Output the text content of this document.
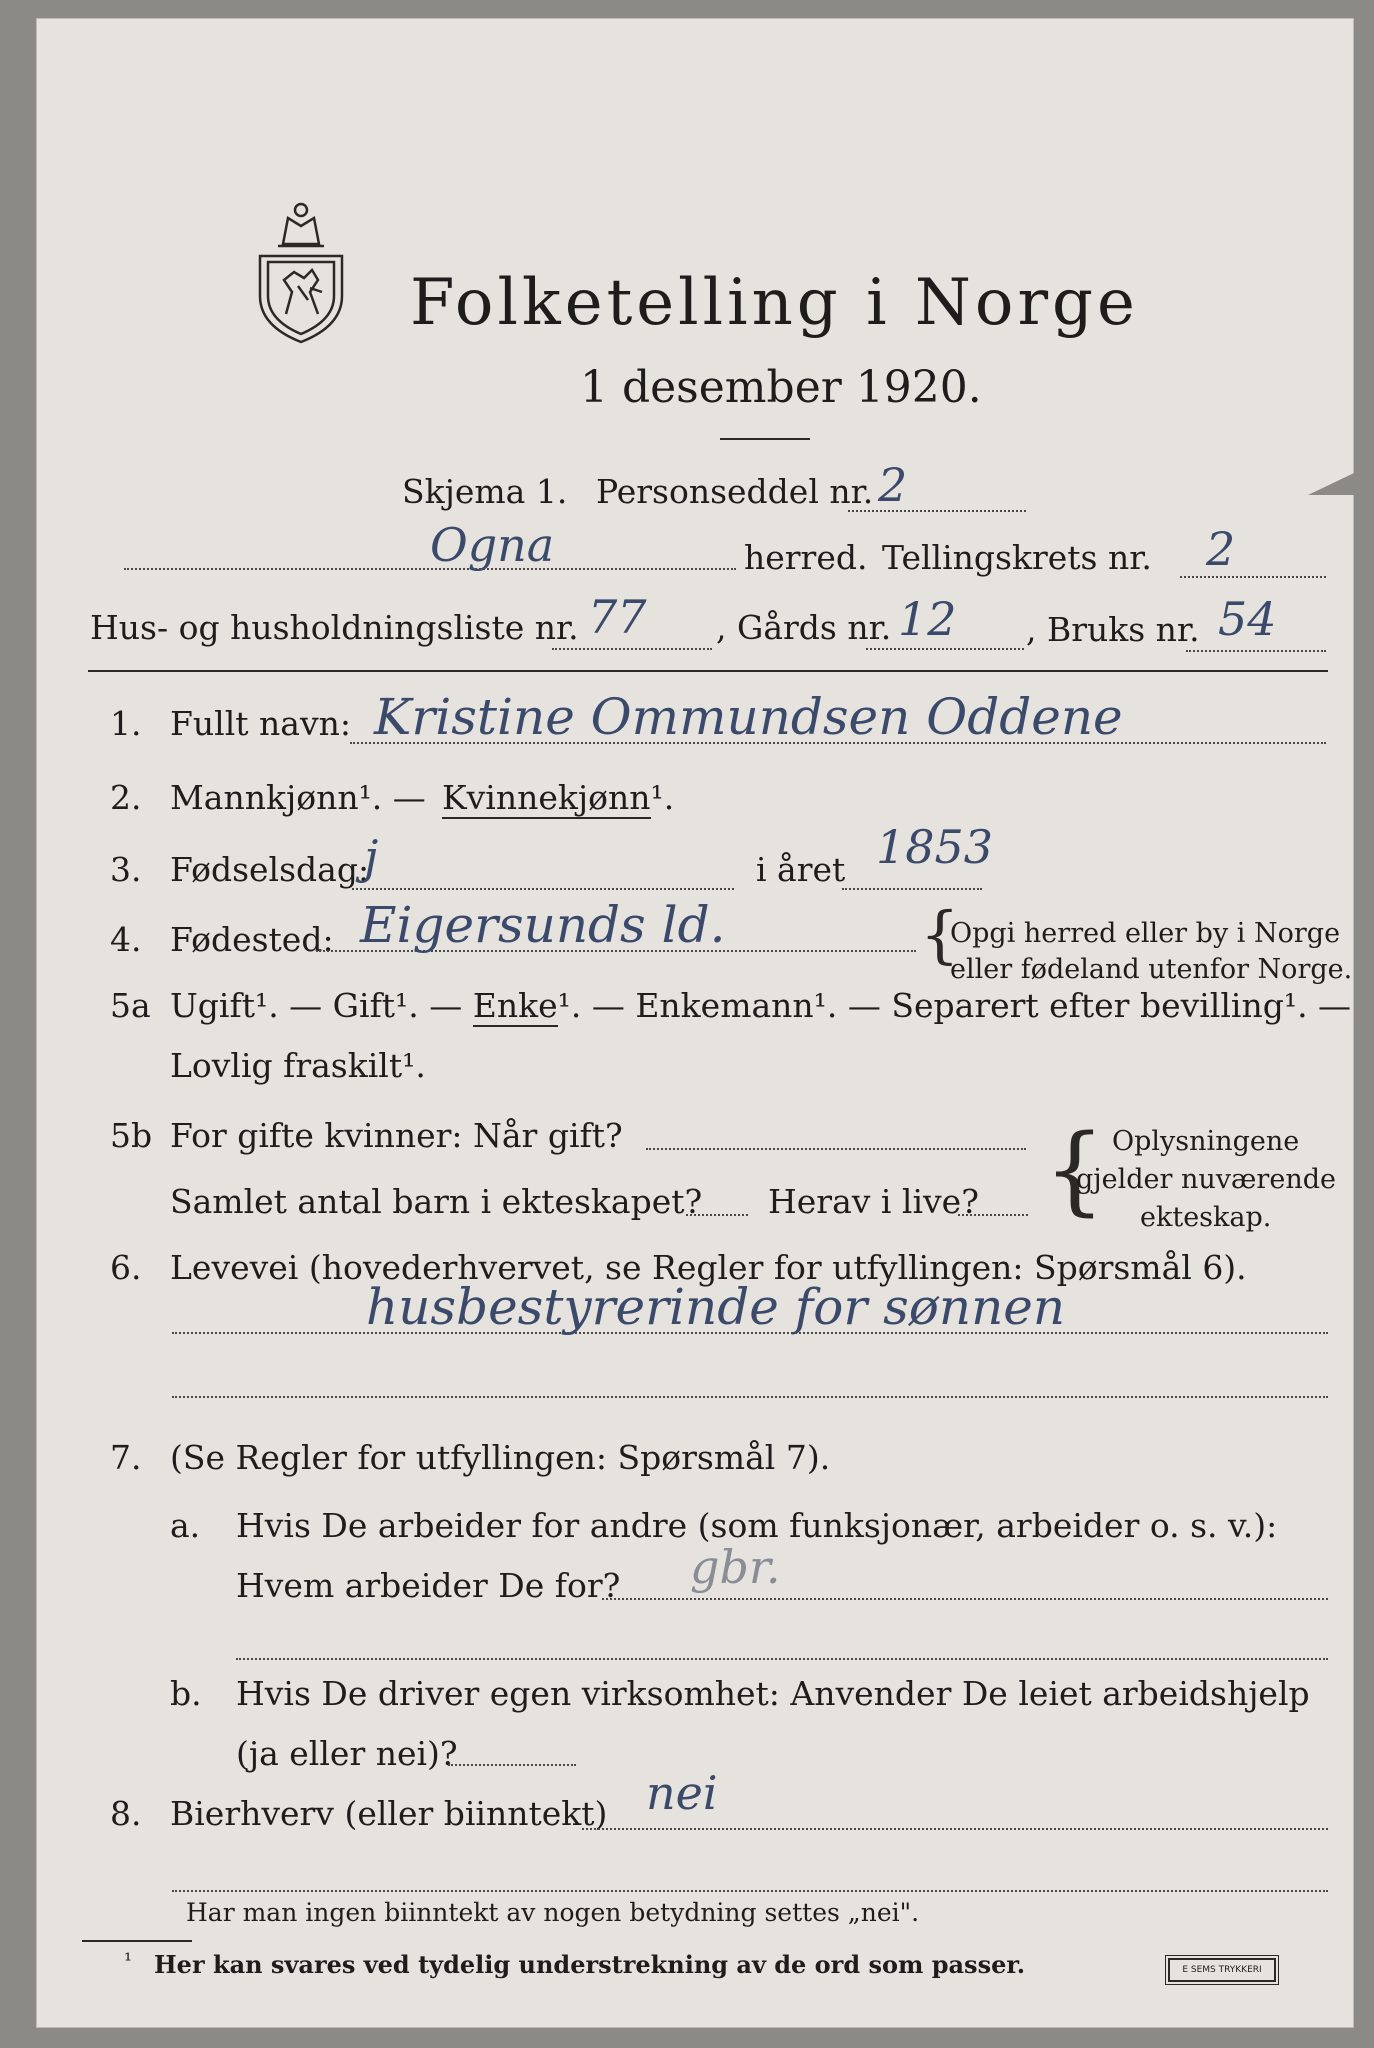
Folketelling i Norge
1 desember 1920.
Skjema 1. Personseddel nr. 2
Ogna	herred. Tellingskrets nr. 2
Hus- og husholdningsliste nr. 77 , Gårds nr. 12 , Bruks nr. 54
1. Fullt navn: Kristine Ommundsen Oddene
2. Mannkjønn¹. — Kvinnekjønn¹.
3. Fødselsdag:
j	i året 1853
4. Fødested: Eigersunds ld.	{
Opgi herred eller by i Norge
eller fødeland utenfor Norge.
5a Ugift¹. — Gift¹. — Enke¹. — Enkemann¹. — Separert efter bevilling¹. —
Lovlig fraskilt¹.
5b For gifte kvinner: Når gift?
Samlet antal barn i ekteskapet? Herav i live? { Oplysningene
gjelder nuværende
ekteskap.
6. Levevei (hovederhvervet, se Regler for utfyllingen: Spørsmål 6).
husbestyrerinde for sønnen
7. (Se Regler for utfyllingen: Spørsmål 7).
a. Hvis De arbeider for andre (som funksjonær, arbeider o. s. v.):
Hvem arbeider De for? gbr.
b. Hvis De driver egen virksomhet: Anvender De leiet arbeidshjelp
(ja eller nei)?
8. Bierhverv (eller biinntekt) nei
Har man ingen biinntekt av nogen betydning settes „nei".
¹ Her kan svares ved tydelig understrekning av de ord som passer.	E SEMS TRYKKERI
